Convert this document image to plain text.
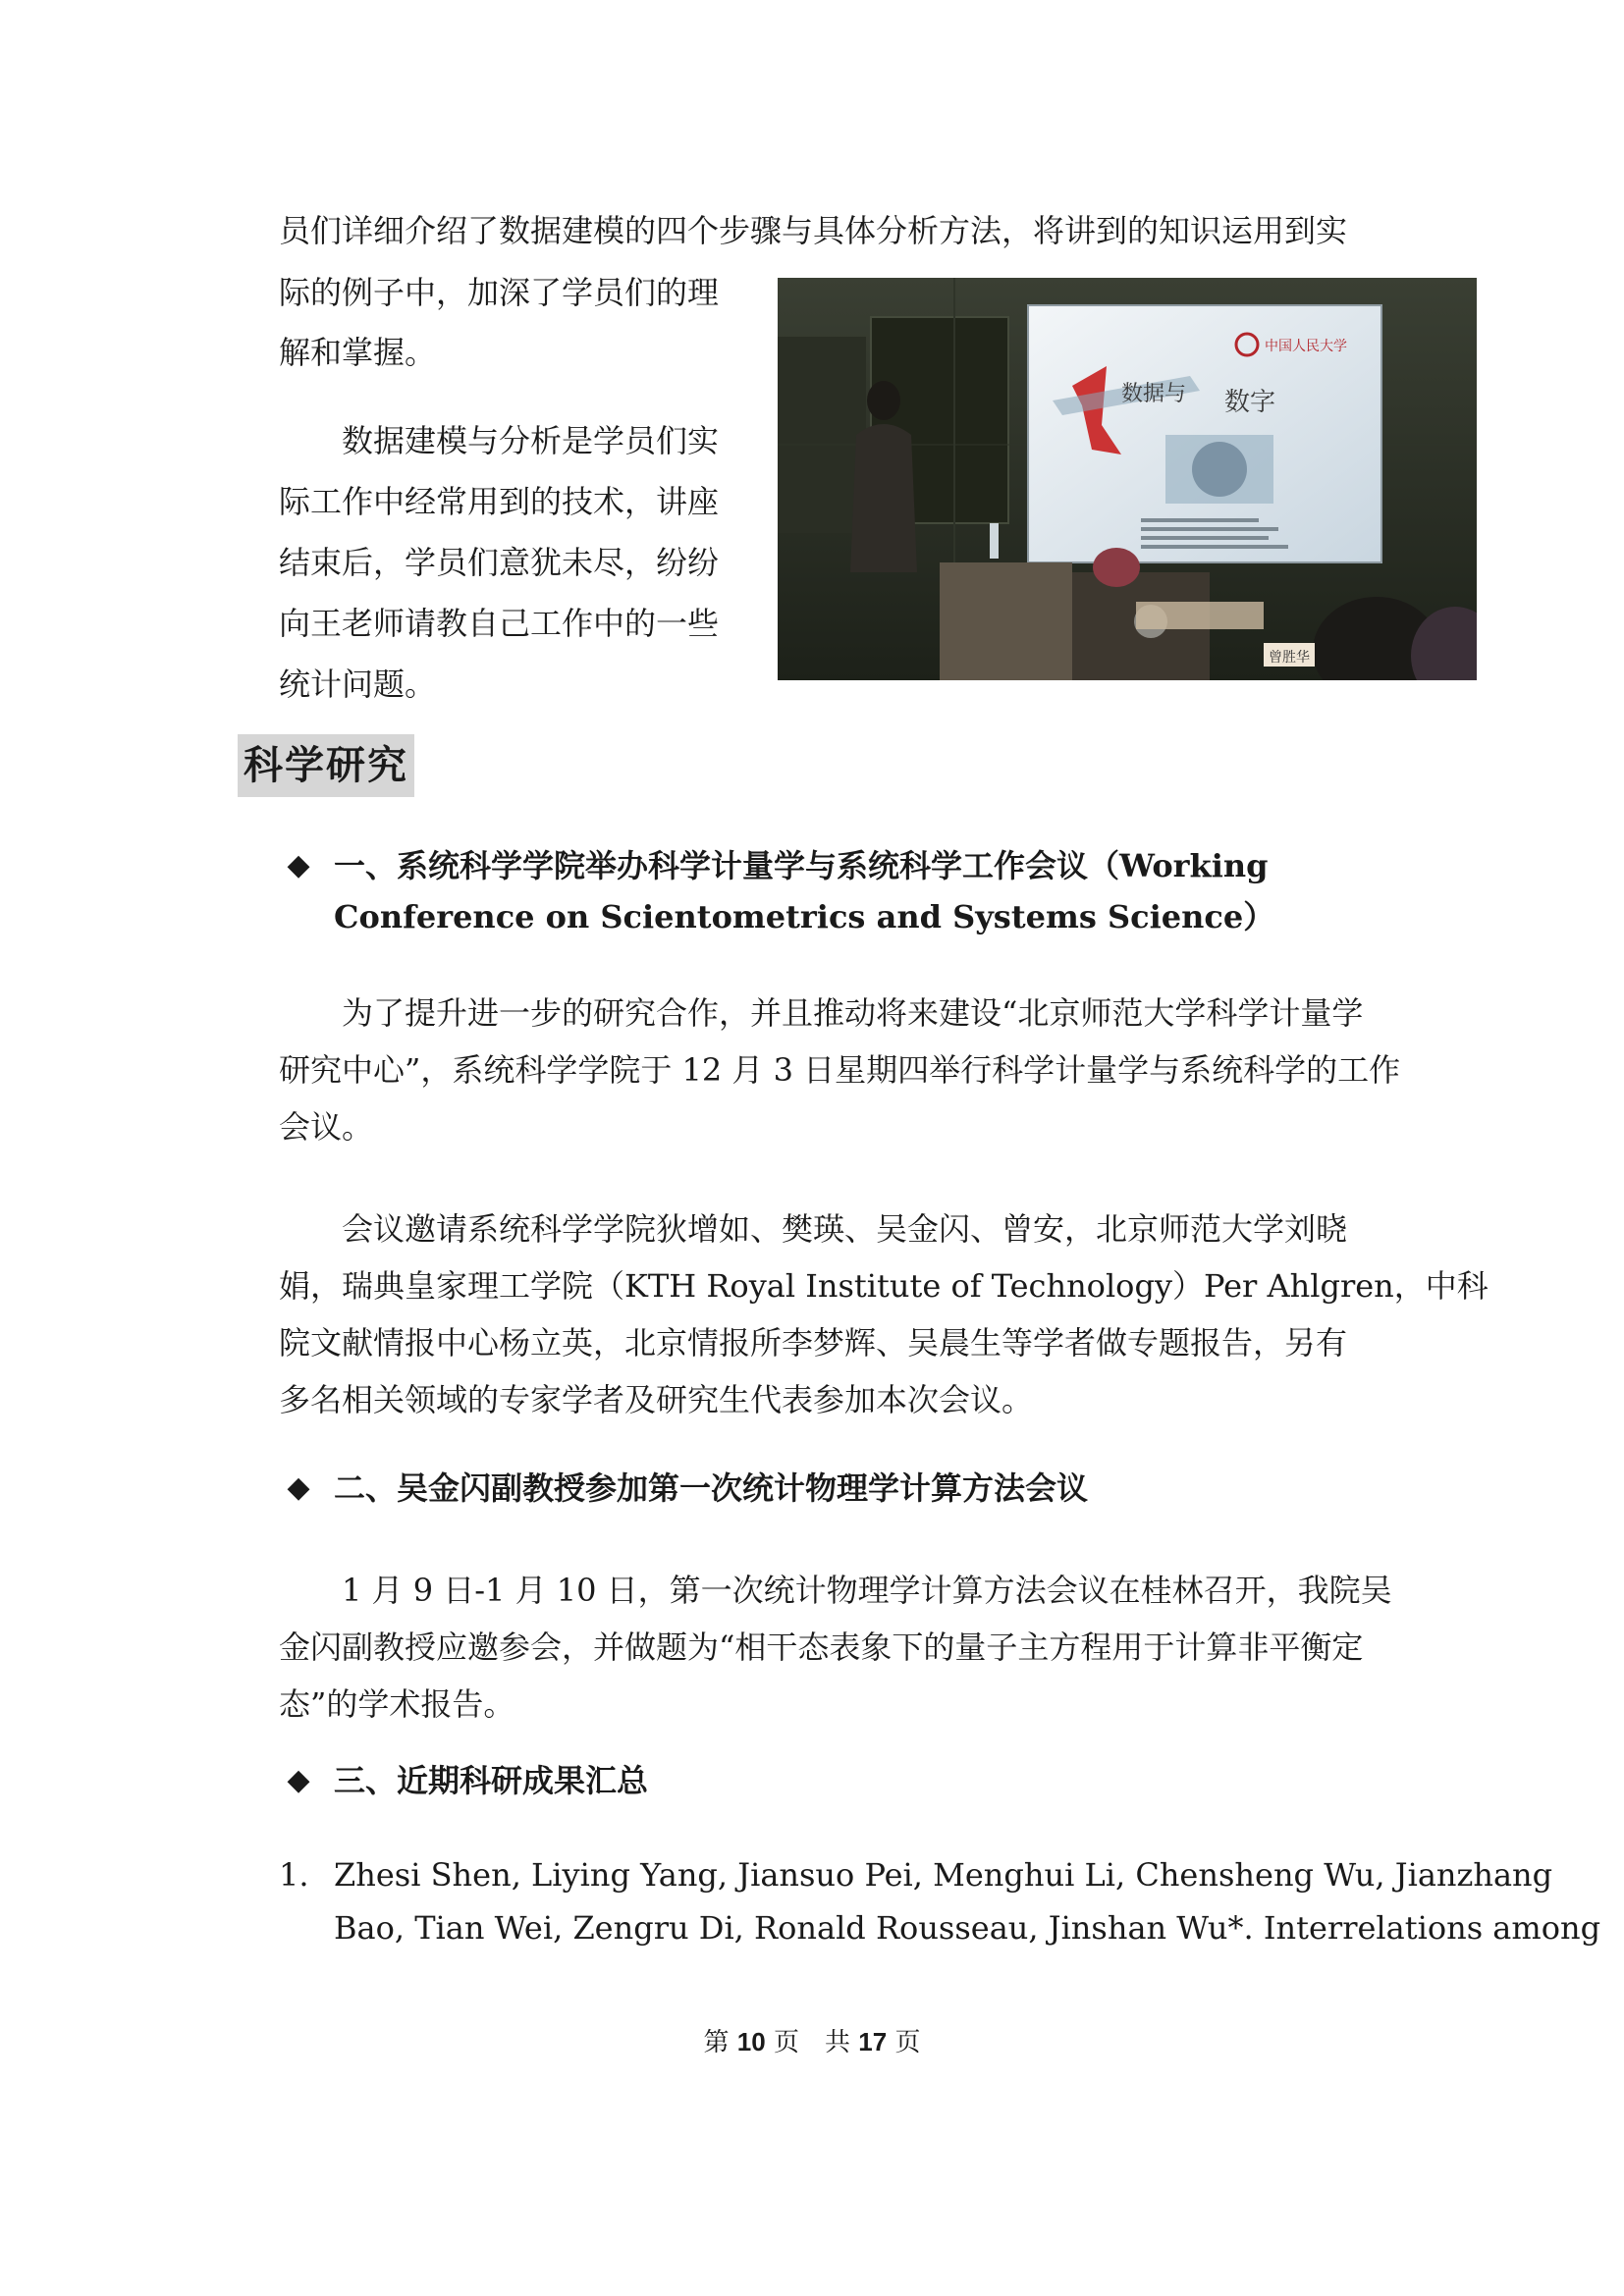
员们详细介绍了数据建模的四个步骤与具体分析方法，将讲到的知识运用到实

际的例子中，加深了学员们的理

解和掌握。

数据建模与分析是学员们实

际工作中经常用到的技术，讲座

结束后，学员们意犹未尽，纷纷

向王老师请教自己工作中的一些

统计问题。

中国人民大学
数据与 数字
曾胜华
科学研究
◆ 一、系统科学学院举办科学计量学与系统科学工作会议（Working

Conference on Scientometrics and Systems Science）

为了提升进一步的研究合作，并且推动将来建设“北京师范大学科学计量学

研究中心”，系统科学学院于 12 月 3 日星期四举行科学计量学与系统科学的工作

会议。

会议邀请系统科学学院狄增如、樊瑛、吴金闪、曾安，北京师范大学刘晓

娟，瑞典皇家理工学院（KTH Royal Institute of Technology）Per Ahlgren，中科

院文献情报中心杨立英，北京情报所李梦辉、吴晨生等学者做专题报告，另有

多名相关领域的专家学者及研究生代表参加本次会议。

◆ 二、吴金闪副教授参加第一次统计物理学计算方法会议

1 月 9 日-1 月 10 日，第一次统计物理学计算方法会议在桂林召开，我院吴

金闪副教授应邀参会，并做题为“相干态表象下的量子主方程用于计算非平衡定

态”的学术报告。

◆ 三、近期科研成果汇总

1. Zhesi Shen, Liying Yang, Jiansuo Pei, Menghui Li, Chensheng Wu, Jianzhang

Bao, Tian Wei, Zengru Di, Ronald Rousseau, Jinshan Wu*. Interrelations among

第 10 页　共 17 页
